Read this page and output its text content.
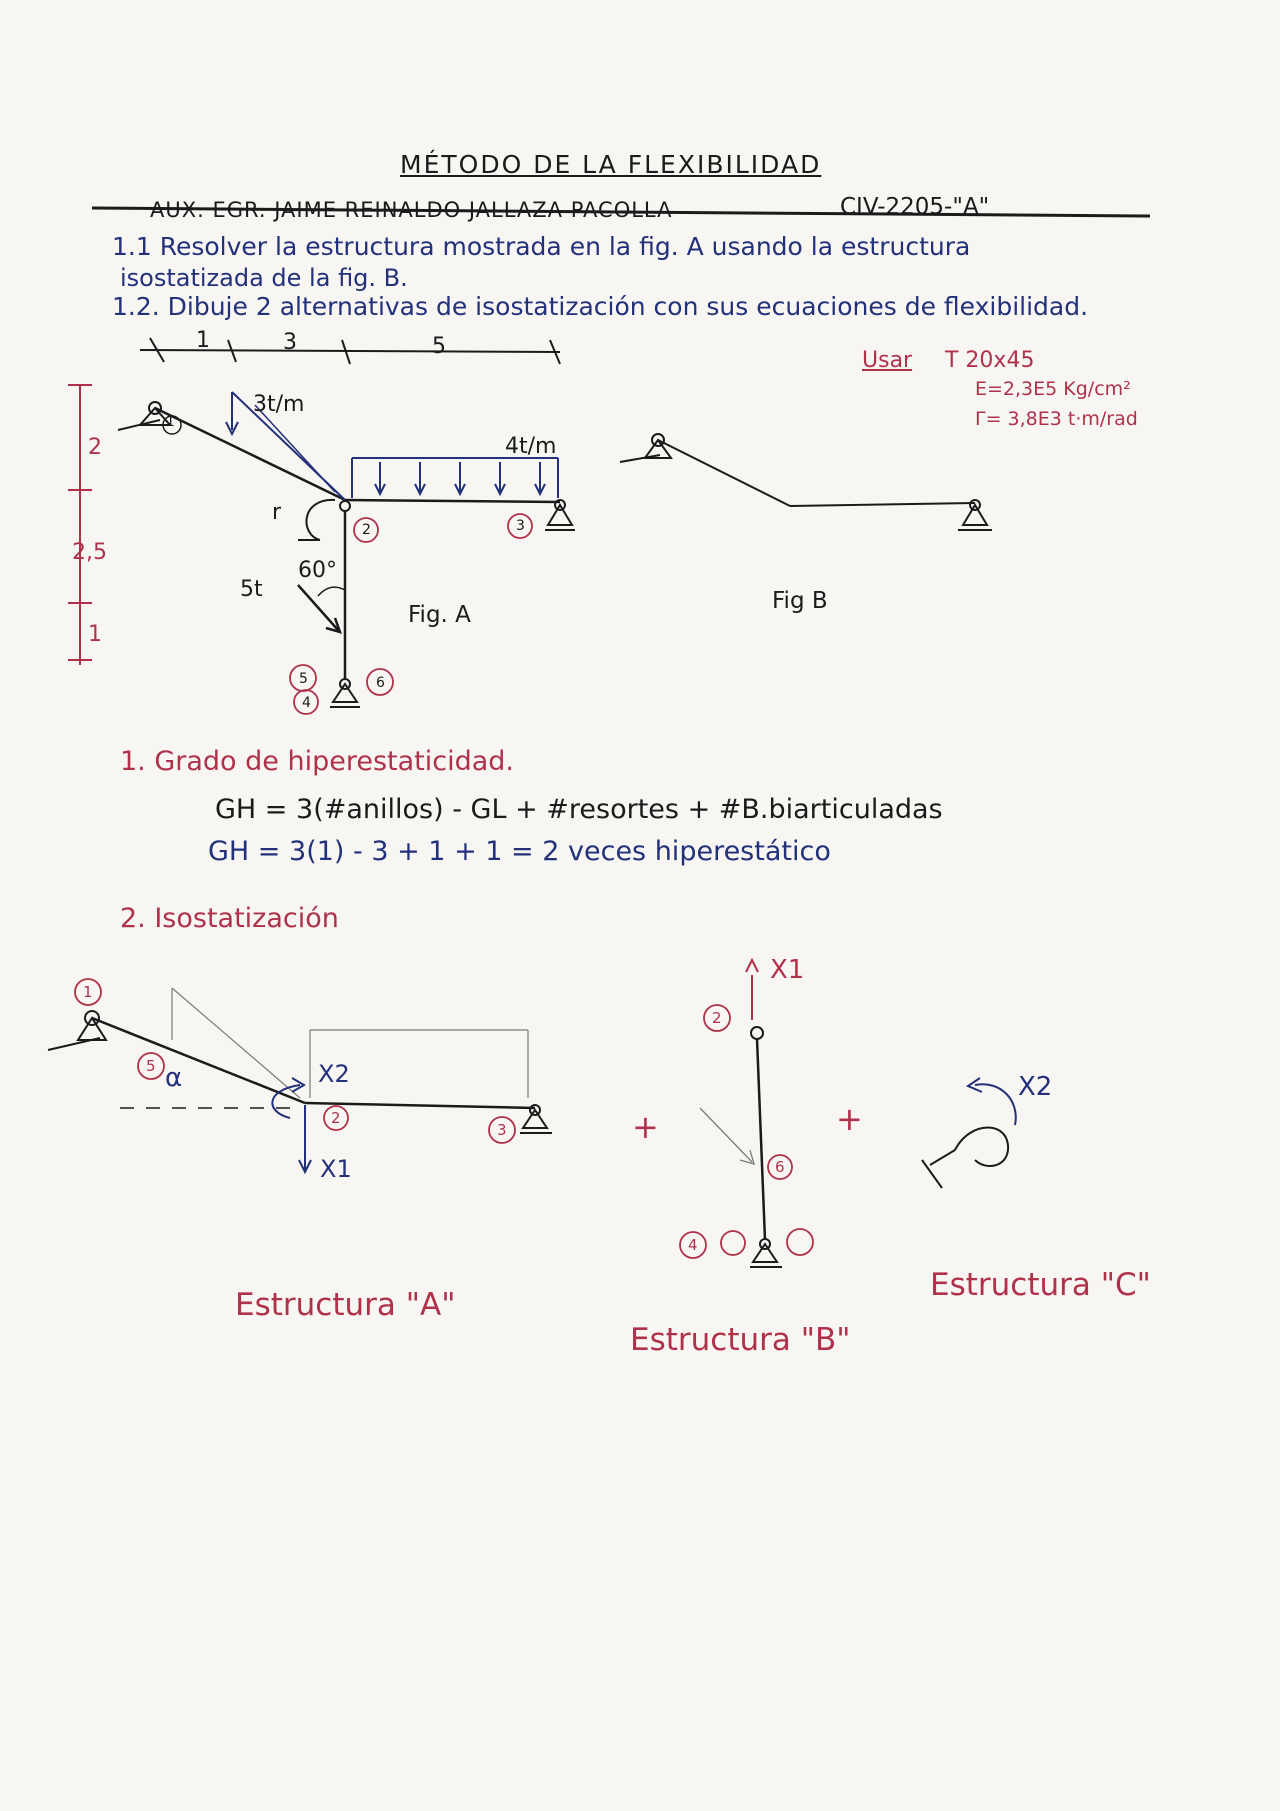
MÉTODO DE LA FLEXIBILIDAD
AUX. EGR. JAIME REINALDO JALLAZA PACOLLA	CIV-2205-"A"
1.1 Resolver la estructura mostrada en la fig. A usando la estructura
isostatizada de la fig. B.
1.2. Dibuje 2 alternativas de isostatización con sus ecuaciones de flexibilidad.
Usar T 20x45
E=2,3E5 Kg/cm²
Γ= 3,8E3 t·m/rad
1	3	5
2
2,5
1
3t/m
4t/m
5t
60°
r
1
2	3
4
5	6
Fig. A
Fig B
1. Grado de hiperestaticidad.
GH = 3(#anillos) - GL + #resortes + #B.biarticuladas
GH = 3(1) - 3 + 1 + 1 = 2 veces hiperestático
2. Isostatización
X2
X1
α
X1
X2
+	+
1
5
2
3
2
6
4
Estructura "A"
Estructura "B"
Estructura "C"
